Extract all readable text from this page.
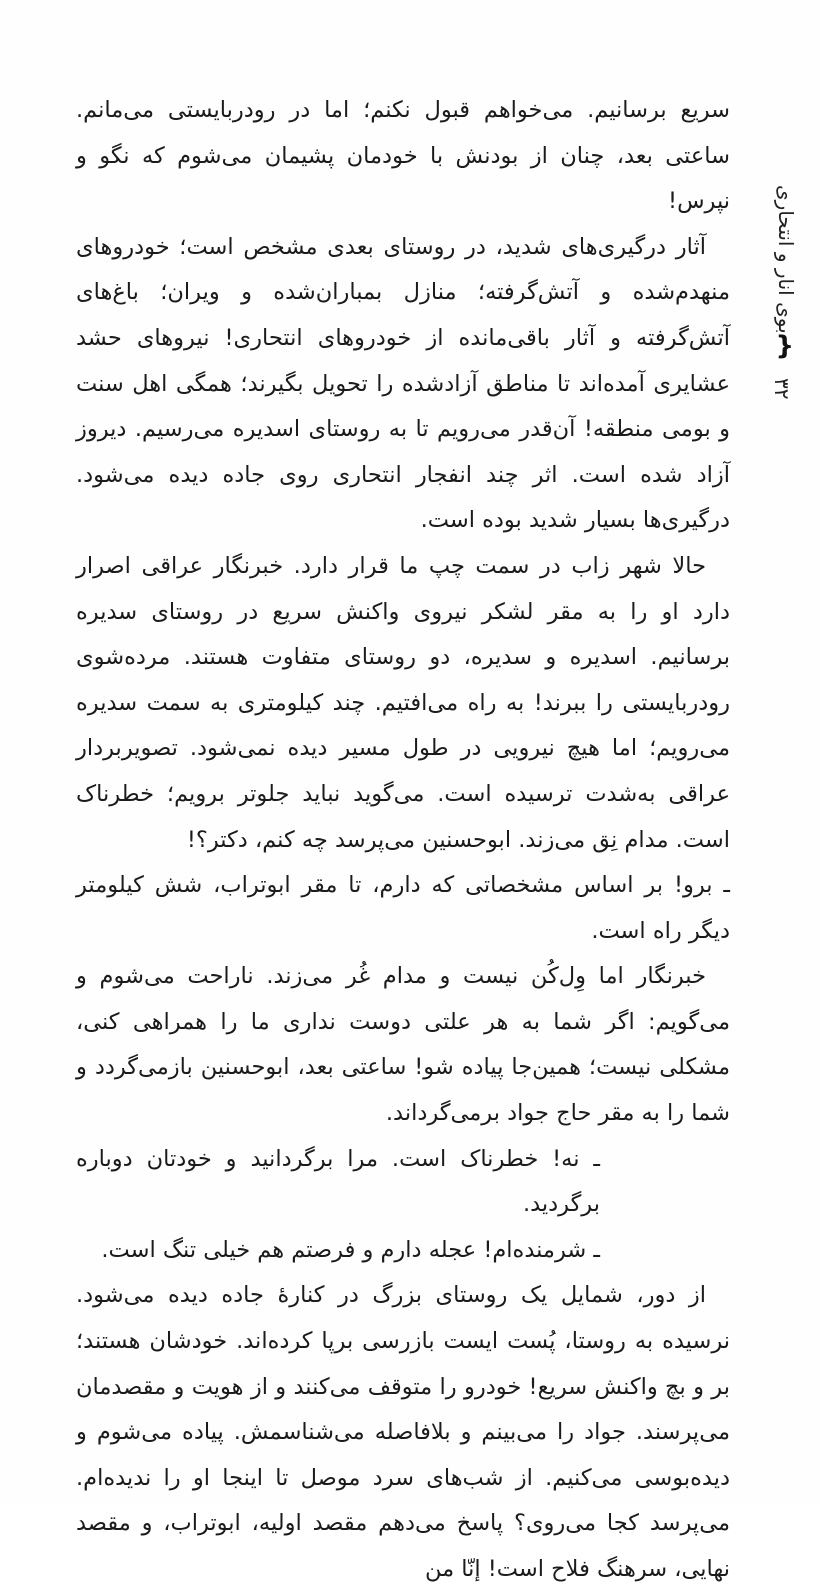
بوی انار و انتحاری
}
۳۲

سریع برسانیم. می‌خواهم قبول نکنم؛ اما در رودربایستی می‌مانم. ساعتی بعد، چنان از بودنش با خودمان پشیمان می‌شوم که نگو و نپرس!

آثار درگیری‌های شدید، در روستای بعدی مشخص است؛ خودروهای منهدم‌شده و آتش‌گرفته؛ منازل بمباران‌شده و ویران؛ باغ‌های آتش‌گرفته و آثار باقی‌مانده از خودروهای انتحاری! نیروهای حشد عشایری آمده‌اند تا مناطق آزادشده را تحویل بگیرند؛ همگی اهل سنت و بومی منطقه! آن‌قدر می‌رویم تا به روستای اسدیره می‌رسیم. دیروز آزاد شده است. اثر چند انفجار انتحاری روی جاده دیده می‌شود. درگیری‌ها بسیار شدید بوده است.

حالا شهر زاب در سمت چپ ما قرار دارد. خبرنگار عراقی اصرار دارد او را به مقر لشکر نیروی واکنش سریع در روستای سدیره برسانیم. اسدیره و سدیره، دو روستای متفاوت هستند. مرده‌شوی رودربایستی را ببرند! به راه می‌افتیم. چند کیلومتری به سمت سدیره می‌رویم؛ اما هیچ نیرویی در طول مسیر دیده نمی‌شود. تصویربردار عراقی به‌شدت ترسیده است. می‌گوید نباید جلوتر برویم؛ خطرناک است. مدام نِق می‌زند. ابوحسنین می‌پرسد چه کنم، دکتر؟!

ـ برو! بر اساس مشخصاتی که دارم، تا مقر ابوتراب، شش کیلومتر دیگر راه است.

خبرنگار اما وِل‌کُن نیست و مدام غُر می‌زند. ناراحت می‌شوم و می‌گویم: اگر شما به هر علتی دوست نداری ما را همراهی کنی، مشکلی نیست؛ همین‌جا پیاده شو! ساعتی بعد، ابوحسنین بازمی‌گردد و شما را به مقر حاج جواد برمی‌گرداند.

ـ نه! خطرناک است. مرا برگردانید و خودتان دوباره برگردید.

ـ شرمنده‌ام! عجله دارم و فرصتم هم خیلی تنگ است.

از دور، شمایل یک روستای بزرگ در کنارهٔ جاده دیده می‌شود. نرسیده به روستا، پُست ایست بازرسی برپا کرده‌اند. خودشان هستند؛ بر و بچ واکنش سریع! خودرو را متوقف می‌کنند و از هویت و مقصدمان می‌پرسند. جواد را می‌بینم و بلافاصله می‌شناسمش. پیاده می‌شوم و دیده‌بوسی می‌کنیم. از شب‌های سرد موصل تا اینجا او را ندیده‌ام. می‌پرسد کجا می‌روی؟ پاسخ می‌دهم مقصد اولیه، ابوتراب، و مقصد نهایی، سرهنگ فلاح است! إنّا من
